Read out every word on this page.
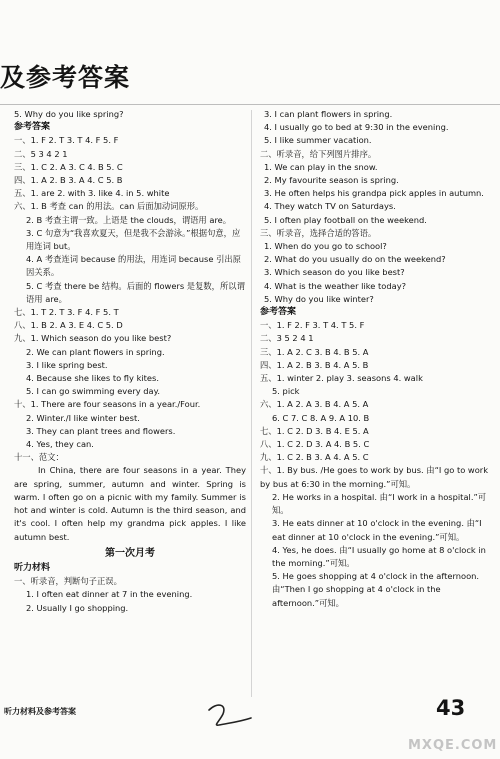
及参考答案
5. Why do you like spring?
参考答案
一、1. F 2. T 3. T 4. F 5. F
二、5 3 4 2 1
三、1. C 2. A 3. C 4. B 5. C
四、1. A 2. B 3. A 4. C 5. B
五、1. are 2. with 3. like 4. in 5. white
六、1. B 考查 can 的用法。can 后面加动词原形。
2. B 考查主谓一致。上语是 the clouds，谓语用 are。
3. C 句意为“我喜欢夏天，但是我不会游泳。”根据句意，应用连词 but。
4. A 考查连词 because 的用法，用连词 because 引出原因关系。
5. C 考查 there be 结构。后面的 flowers 是复数，所以谓语用 are。
七、1. T 2. T 3. F 4. F 5. T
八、1. B 2. A 3. E 4. C 5. D
九、1. Which season do you like best?
2. We can plant flowers in spring.
3. I like spring best.
4. Because she likes to fly kites.
5. I can go swimming every day.
十、1. There are four seasons in a year./Four.
2. Winter./I like winter best.
3. They can plant trees and flowers.
4. Yes, they can.
十一、范文：
In China, there are four seasons in a year. They are spring, summer, autumn and winter. Spring is warm. I often go on a picnic with my family. Summer is hot and winter is cold. Autumn is the third season, and it's cool. I often help my grandma pick apples. I like autumn best.
第一次月考
听力材料
一、听录音，判断句子正误。
1. I often eat dinner at 7 in the evening.
2. Usually I go shopping.
3. I can plant flowers in spring.
4. I usually go to bed at 9:30 in the evening.
5. I like summer vacation.
二、听录音，给下列图片排序。
1. We can play in the snow.
2. My favourite season is spring.
3. He often helps his grandpa pick apples in autumn.
4. They watch TV on Saturdays.
5. I often play football on the weekend.
三、听录音，选择合适的答语。
1. When do you go to school?
2. What do you usually do on the weekend?
3. Which season do you like best?
4. What is the weather like today?
5. Why do you like winter?
参考答案
一、1. F 2. F 3. T 4. T 5. F
二、3 5 2 4 1
三、1. A 2. C 3. B 4. B 5. A
四、1. A 2. B 3. B 4. A 5. B
五、1. winter 2. play 3. seasons 4. walk
5. pick
六、1. A 2. A 3. B 4. A 5. A
6. C 7. C 8. A 9. A 10. B
七、1. C 2. D 3. B 4. E 5. A
八、1. C 2. D 3. A 4. B 5. C
九、1. C 2. B 3. A 4. A 5. C
十、1. By bus. /He goes to work by bus. 由“I go to work by bus at 6:30 in the morning.”可知。
2. He works in a hospital. 由“I work in a hospital.”可知。
3. He eats dinner at 10 o'clock in the evening. 由“I eat dinner at 10 o'clock in the evening.”可知。
4. Yes, he does. 由“I usually go home at 8 o'clock in the morning.”可知。
5. He goes shopping at 4 o'clock in the afternoon. 由“Then I go shopping at 4 o'clock in the afternoon.”可知。
听力材料及参考答案	43
MXQE.COM
